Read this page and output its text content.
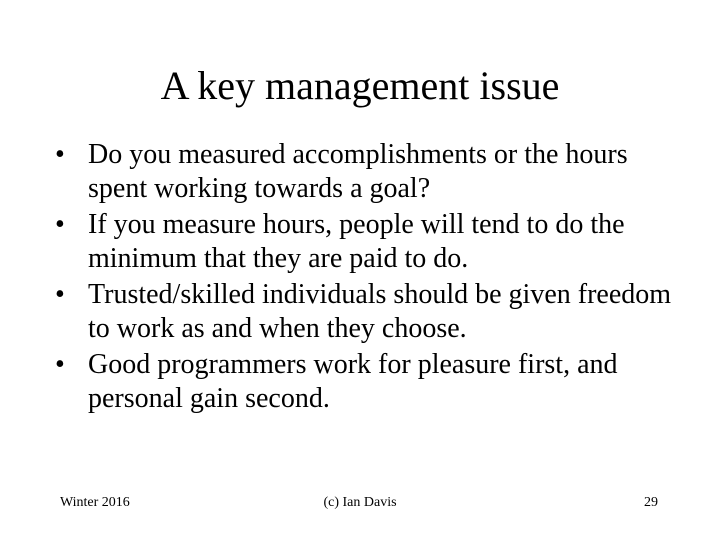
A key management issue
• Do you measured accomplishments or the hours spent working towards a goal?
• If you measure hours, people will tend to do the minimum that they are paid to do.
• Trusted/skilled individuals should be given freedom to work as and when they choose.
• Good programmers work for pleasure first, and personal gain second.
Winter 2016	(c) Ian Davis	29
